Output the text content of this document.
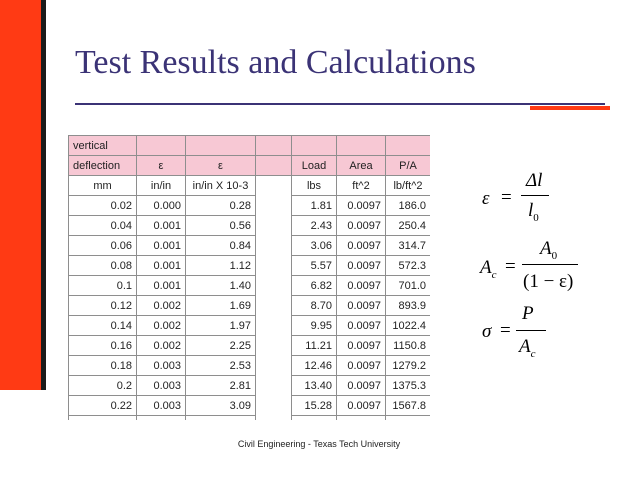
Test Results and Calculations
vertical						
deflection	ε	ε		Load	Area	P/A
mm	in/in	in/in X 10-3		lbs	ft^2	lb/ft^2
0.02	0.000	0.28		1.81	0.0097	186.0
0.04	0.001	0.56		2.43	0.0097	250.4
0.06	0.001	0.84		3.06	0.0097	314.7
0.08	0.001	1.12		5.57	0.0097	572.3
0.1	0.001	1.40		6.82	0.0097	701.0
0.12	0.002	1.69		8.70	0.0097	893.9
0.14	0.002	1.97		9.95	0.0097	1022.4
0.16	0.002	2.25		11.21	0.0097	1150.8
0.18	0.003	2.53		12.46	0.0097	1279.2
0.2	0.003	2.81		13.40	0.0097	1375.3
0.22	0.003	3.09		15.28	0.0097	1567.8

ε =
Δl
$l_0$
$A_c$ =
$A_0$
(1 − ε)
σ =
P
$A_c$
Civil Engineering - Texas Tech University
